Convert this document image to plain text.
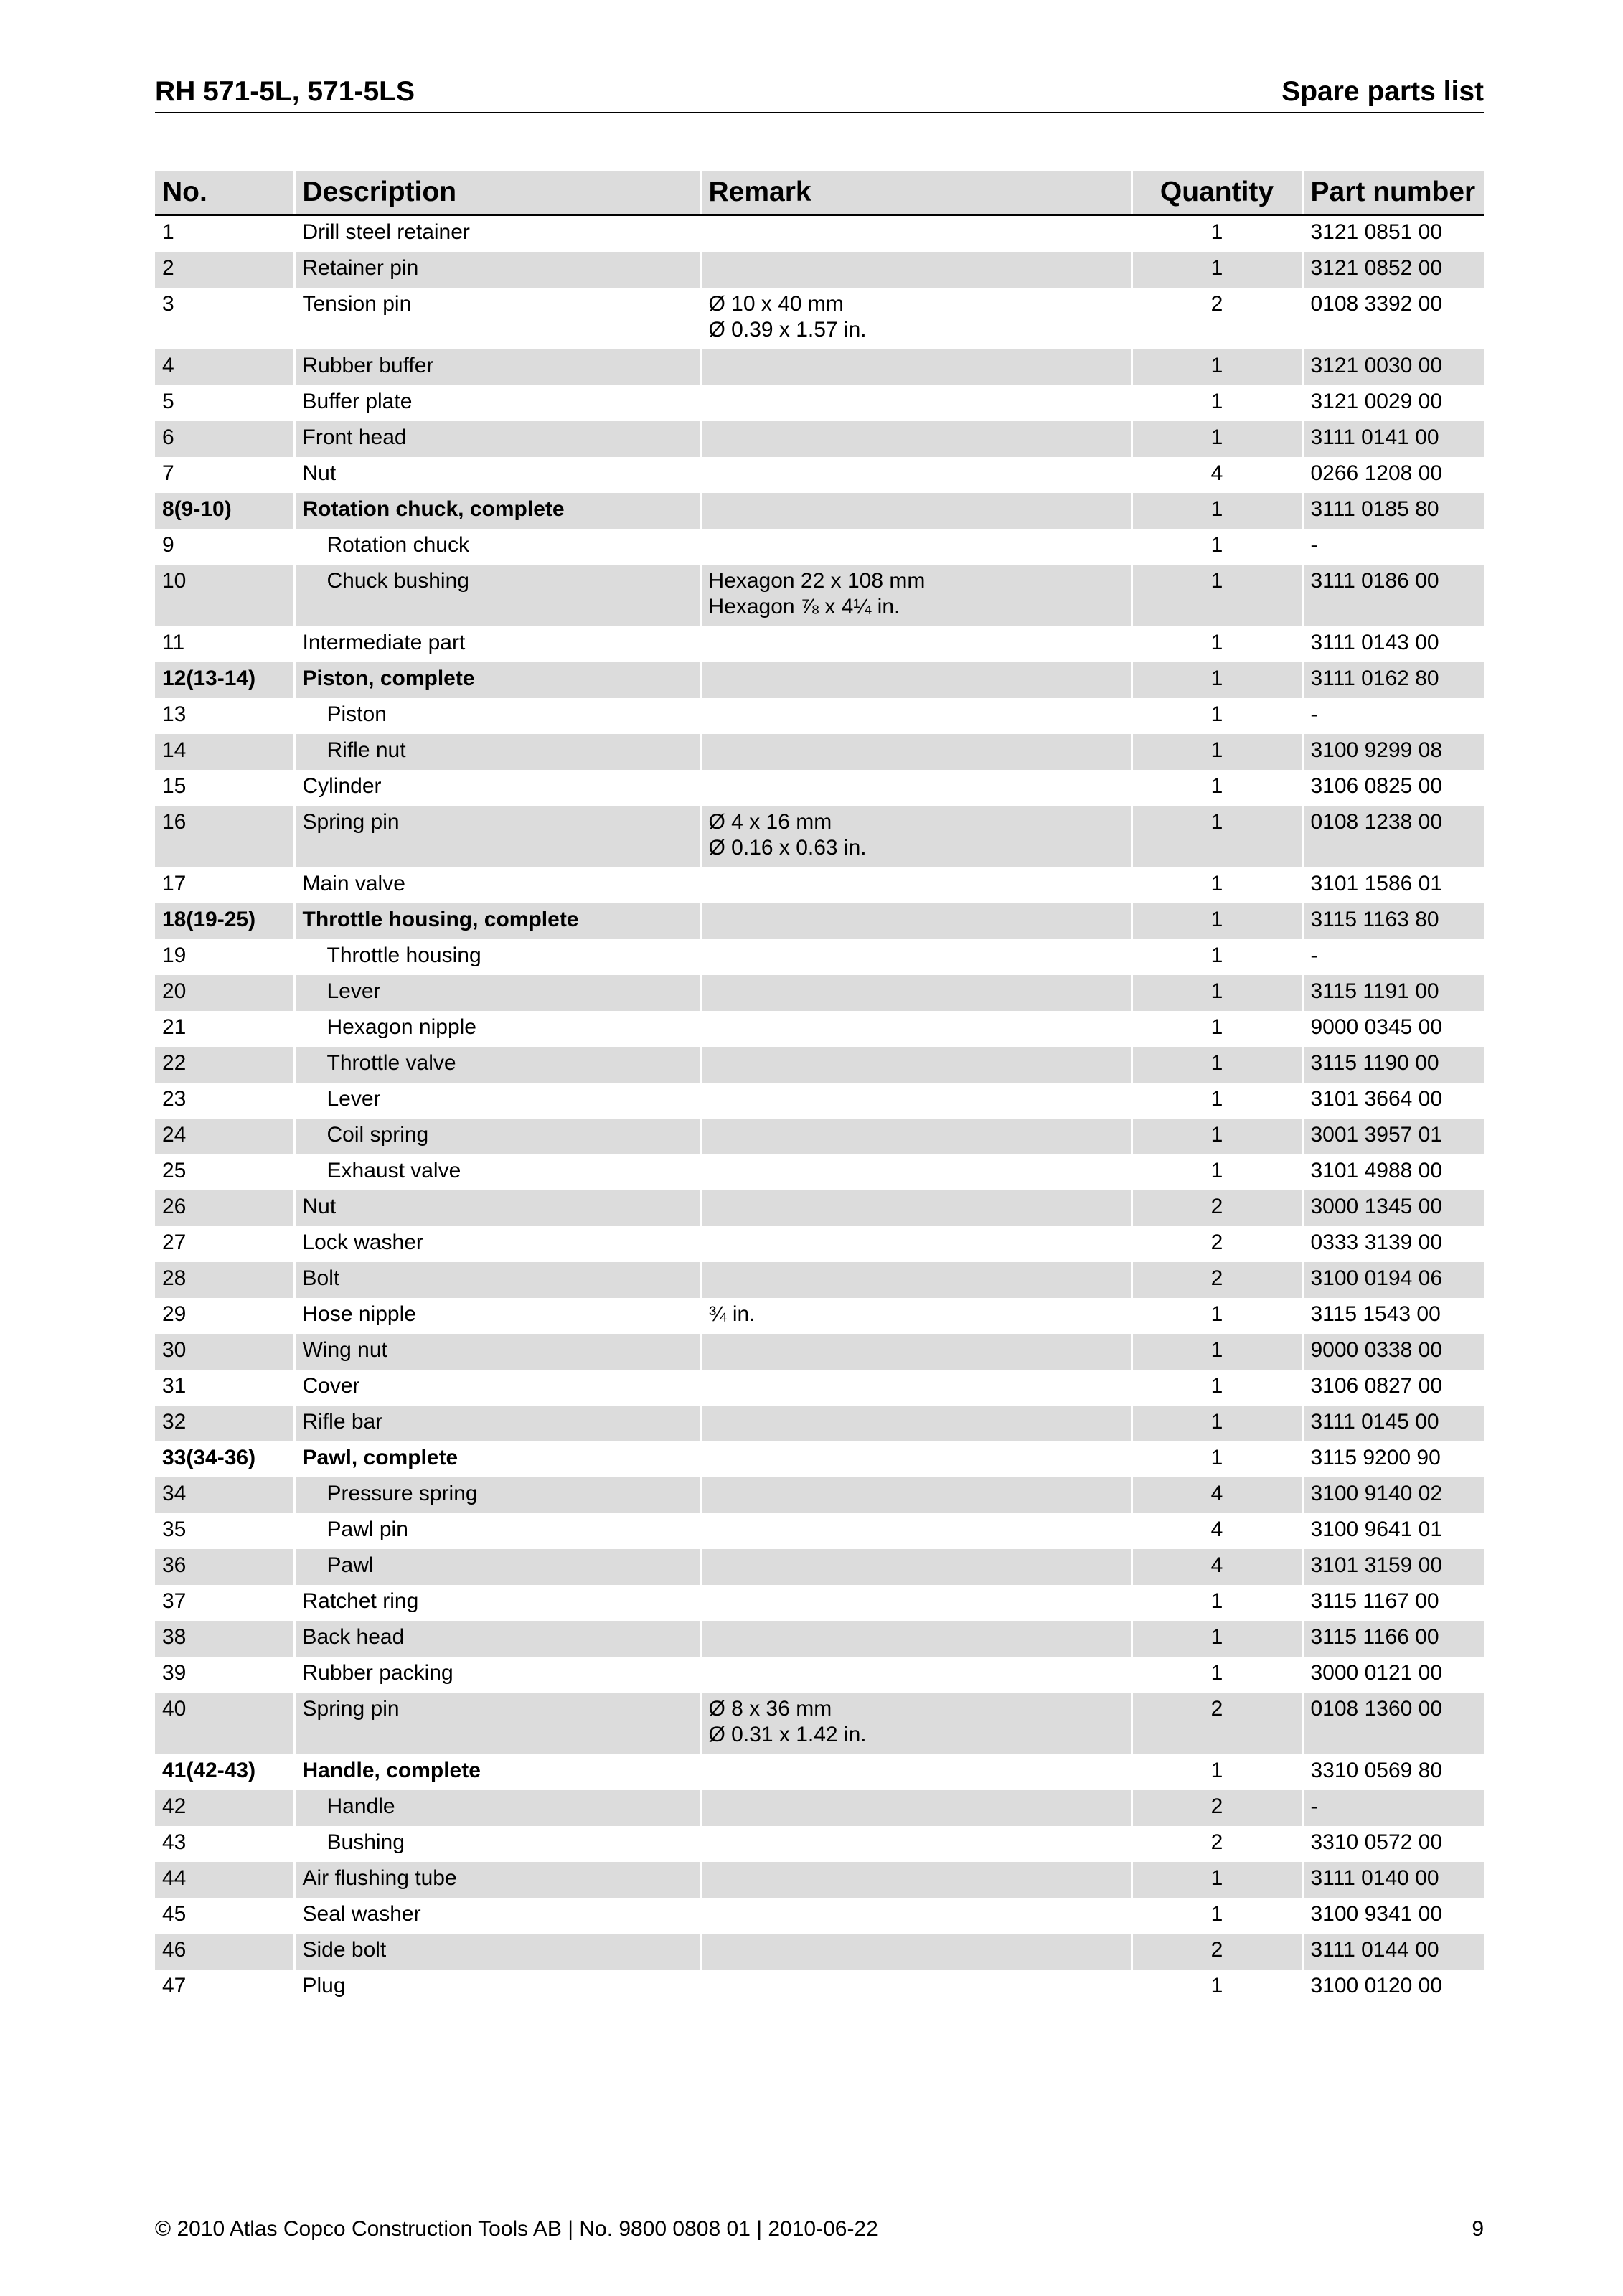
RH 571-5L, 571-5LS	Spare parts list
No.	Description	Remark	Quantity	Part number
1	Drill steel retainer		1	3121 0851 00
2	Retainer pin		1	3121 0852 00
3	Tension pin	Ø 10 x 40 mm
Ø 0.39 x 1.57 in.	2	0108 3392 00
4	Rubber buffer		1	3121 0030 00
5	Buffer plate		1	3121 0029 00
6	Front head		1	3111 0141 00
7	Nut		4	0266 1208 00
8(9-10)	Rotation chuck, complete		1	3111 0185 80
9	Rotation chuck		1	-
10	Chuck bushing	Hexagon 22 x 108 mm
Hexagon ⅞ x 4¼ in.	1	3111 0186 00
11	Intermediate part		1	3111 0143 00
12(13-14)	Piston, complete		1	3111 0162 80
13	Piston		1	-
14	Rifle nut		1	3100 9299 08
15	Cylinder		1	3106 0825 00
16	Spring pin	Ø 4 x 16 mm
Ø 0.16 x 0.63 in.	1	0108 1238 00
17	Main valve		1	3101 1586 01
18(19-25)	Throttle housing, complete		1	3115 1163 80
19	Throttle housing		1	-
20	Lever		1	3115 1191 00
21	Hexagon nipple		1	9000 0345 00
22	Throttle valve		1	3115 1190 00
23	Lever		1	3101 3664 00
24	Coil spring		1	3001 3957 01
25	Exhaust valve		1	3101 4988 00
26	Nut		2	3000 1345 00
27	Lock washer		2	0333 3139 00
28	Bolt		2	3100 0194 06
29	Hose nipple	¾ in.	1	3115 1543 00
30	Wing nut		1	9000 0338 00
31	Cover		1	3106 0827 00
32	Rifle bar		1	3111 0145 00
33(34-36)	Pawl, complete		1	3115 9200 90
34	Pressure spring		4	3100 9140 02
35	Pawl pin		4	3100 9641 01
36	Pawl		4	3101 3159 00
37	Ratchet ring		1	3115 1167 00
38	Back head		1	3115 1166 00
39	Rubber packing		1	3000 0121 00
40	Spring pin	Ø 8 x 36 mm
Ø 0.31 x 1.42 in.	2	0108 1360 00
41(42-43)	Handle, complete		1	3310 0569 80
42	Handle		2	-
43	Bushing		2	3310 0572 00
44	Air flushing tube		1	3111 0140 00
45	Seal washer		1	3100 9341 00
46	Side bolt		2	3111 0144 00
47	Plug		1	3100 0120 00
© 2010 Atlas Copco Construction Tools AB | No. 9800 0808 01 | 2010-06-22	9
